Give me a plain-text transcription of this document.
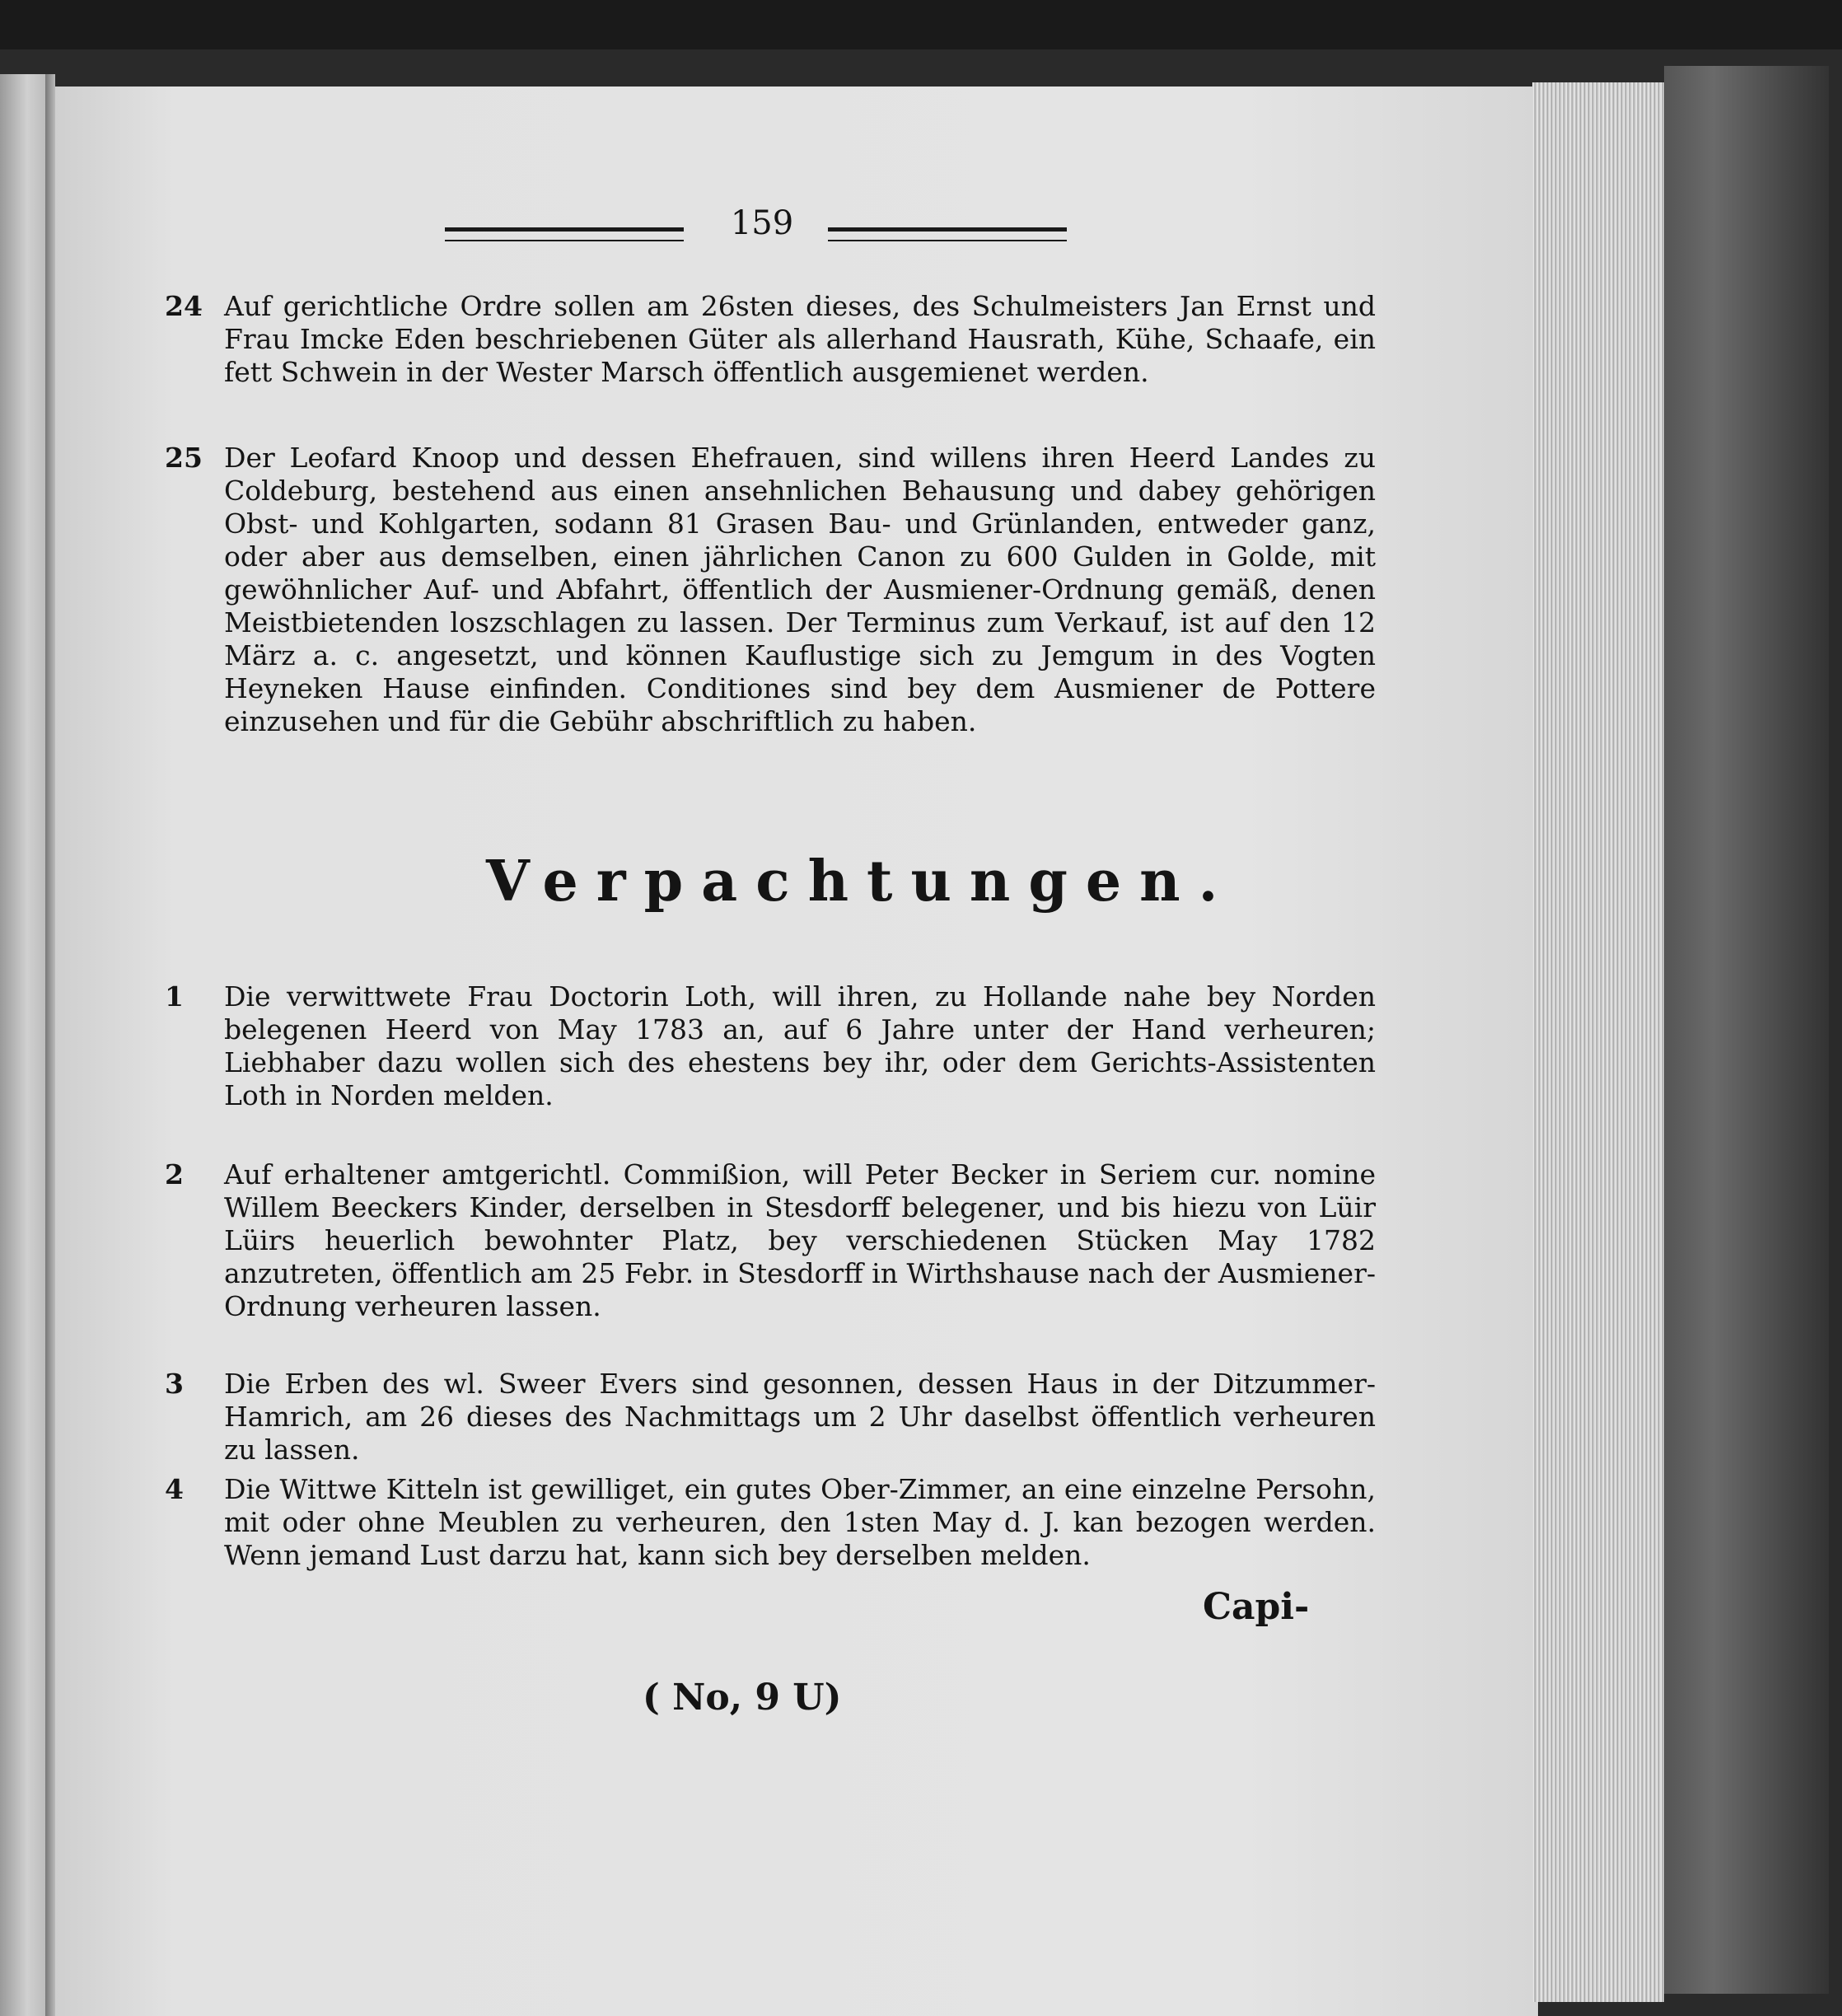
159
24 Auf gerichtliche Ordre sollen am 26sten dieses, des Schulmeisters Jan Ernst und Frau Imcke Eden beschriebenen Güter als allerhand Hausrath, Kühe, Schaafe, ein fett Schwein in der Wester Marsch öffentlich ausgemienet werden.
25 Der Leofard Knoop und dessen Ehefrauen, sind willens ihren Heerd Landes zu Coldeburg, bestehend aus einen ansehnlichen Behausung und dabey gehörigen Obst- und Kohlgarten, sodann 81 Grasen Bau- und Grünlanden, entweder ganz, oder aber aus demselben, einen jährlichen Canon zu 600 Gulden in Golde, mit gewöhnlicher Auf- und Abfahrt, öffentlich der Ausmiener-Ordnung gemäß, denen Meistbietenden loszschlagen zu lassen. Der Terminus zum Verkauf, ist auf den 12 März a. c. angesetzt, und können Kauflustige sich zu Jemgum in des Vogten Heyneken Hause einfinden. Conditiones sind bey dem Ausmiener de Pottere einzusehen und für die Gebühr abschriftlich zu haben.
Verpachtungen.
1	Die verwittwete Frau Doctorin Loth, will ihren, zu Hollande nahe bey Norden belegenen Heerd von May 1783 an, auf 6 Jahre unter der Hand verheuren; Liebhaber dazu wollen sich des ehestens bey ihr, oder dem Gerichts-Assistenten Loth in Norden melden.
2	Auf erhaltener amtgerichtl. Commißion, will Peter Becker in Seriem cur. nomine Willem Beeckers Kinder, derselben in Stesdorff belegener, und bis hiezu von Lüir Lüirs heuerlich bewohnter Platz, bey verschiedenen Stücken May 1782 anzutreten, öffentlich am 25 Febr. in Stesdorff in Wirthshause nach der Ausmiener-Ordnung verheuren lassen.
3	Die Erben des wl. Sweer Evers sind gesonnen, dessen Haus in der Ditzummer-Hamrich, am 26 dieses des Nachmittags um 2 Uhr daselbst öffentlich verheuren zu lassen.
4	Die Wittwe Kitteln ist gewilliget, ein gutes Ober-Zimmer, an eine einzelne Persohn, mit oder ohne Meublen zu verheuren, den 1sten May d. J. kan bezogen werden. Wenn jemand Lust darzu hat, kann sich bey derselben melden.
Capi-
( No, 9 U)
